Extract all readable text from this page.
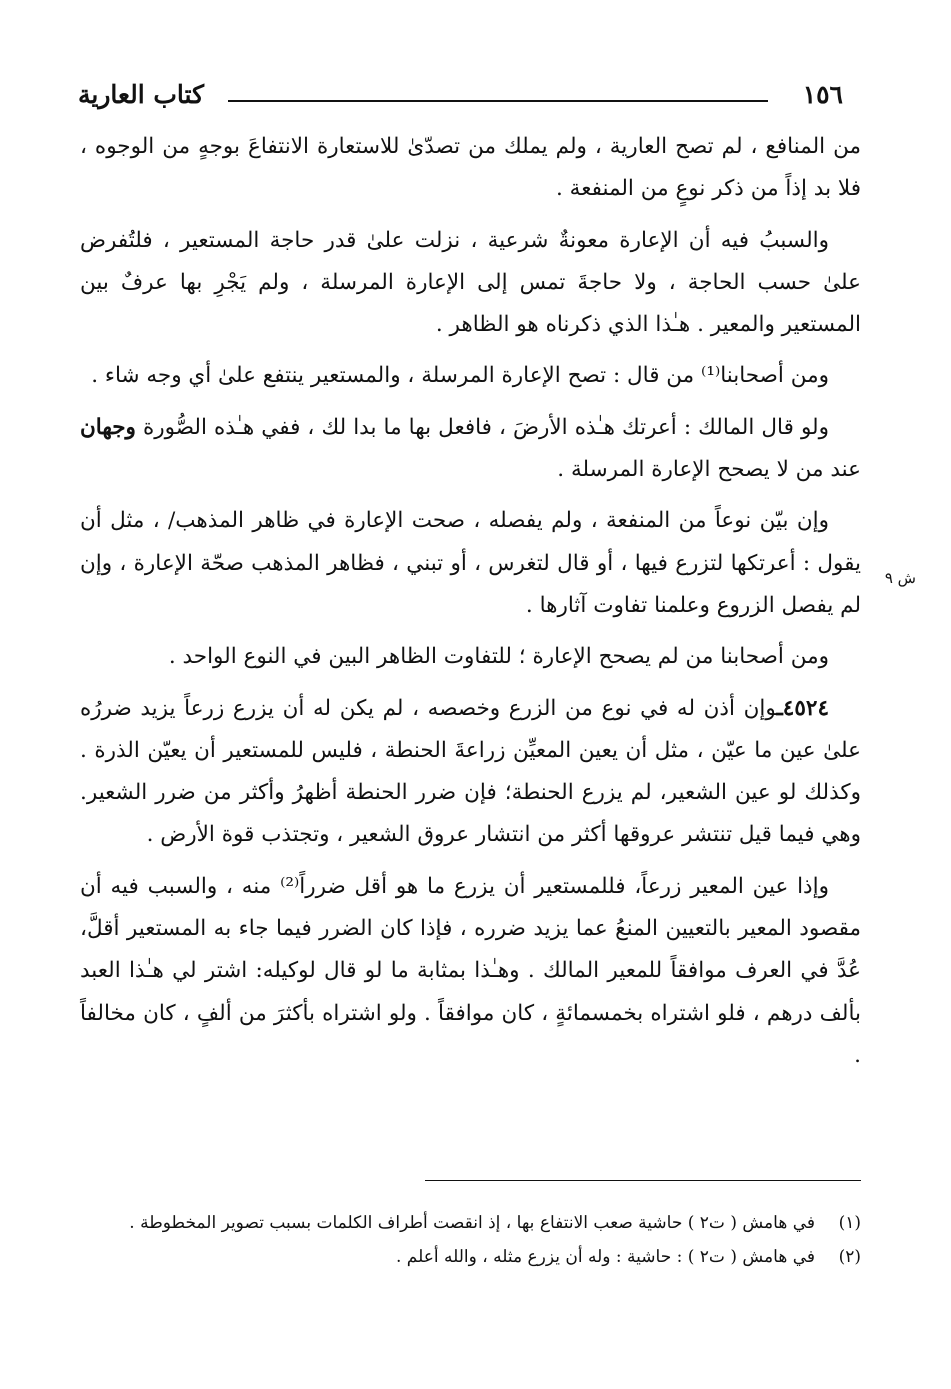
١٥٦
كتاب العارية
ش ٩

من المنافع ، لم تصح العارية ، ولم يملك من تصدّىٰ للاستعارة الانتفاعَ بوجهٍ من الوجوه ، فلا بد إذاً من ذكر نوعٍ من المنفعة .

والسببُ فيه أن الإعارة معونةٌ شرعية ، نزلت علىٰ قدر حاجة المستعير ، فلتُفرض علىٰ حسب الحاجة ، ولا حاجةَ تمس إلى الإعارة المرسلة ، ولم يَجْرِ بها عرفٌ بين المستعير والمعير . هـٰذا الذي ذكرناه هو الظاهر .

ومن أصحابنا⁽¹⁾ من قال : تصح الإعارة المرسلة ، والمستعير ينتفع علىٰ أي وجه شاء .

ولو قال المالك : أعرتك هـٰذه الأرضَ ، فافعل بها ما بدا لك ، ففي هـٰذه الصُّورة وجهان عند من لا يصحح الإعارة المرسلة .

وإن بيّن نوعاً من المنفعة ، ولم يفصله ، صحت الإعارة في ظاهر المذهب/ ، مثل أن يقول : أعرتكها لتزرع فيها ، أو قال لتغرس ، أو تبني ، فظاهر المذهب صحّة الإعارة ، وإن لم يفصل الزروع وعلمنا تفاوت آثارها .

ومن أصحابنا من لم يصحح الإعارة ؛ للتفاوت الظاهر البين في النوع الواحد .

٤٥٢٤ـوإن أذن له في نوع من الزرع وخصصه ، لم يكن له أن يزرع زرعاً يزيد ضررُه علىٰ عين ما عيّن ، مثل أن يعين المعيِّن زراعةَ الحنطة ، فليس للمستعير أن يعيّن الذرة . وكذلك لو عين الشعير، لم يزرع الحنطة؛ فإن ضرر الحنطة أظهرُ وأكثر من ضرر الشعير. وهي فيما قيل تنتشر عروقها أكثر من انتشار عروق الشعير ، وتجتذب قوة الأرض .

وإذا عين المعير زرعاً، فللمستعير أن يزرع ما هو أقل ضرراً⁽²⁾ منه ، والسبب فيه أن مقصود المعير بالتعيين المنعُ عما يزيد ضرره ، فإذا كان الضرر فيما جاء به المستعير أقلَّ، عُدَّ في العرف موافقاً للمعير المالك . وهـٰذا بمثابة ما لو قال لوكيله: اشتر لي هـٰذا العبد بألف درهم ، فلو اشتراه بخمسمائةٍ ، كان موافقاً . ولو اشتراه بأكثرَ من ألفٍ ، كان مخالفاً .

(١)
في هامش ( ت٢ ) حاشية صعب الانتفاع بها ، إذ انقصت أطراف الكلمات بسبب تصوير المخطوطة .
(٢)
في هامش ( ت٢ ) : حاشية : وله أن يزرع مثله ، والله أعلم .
